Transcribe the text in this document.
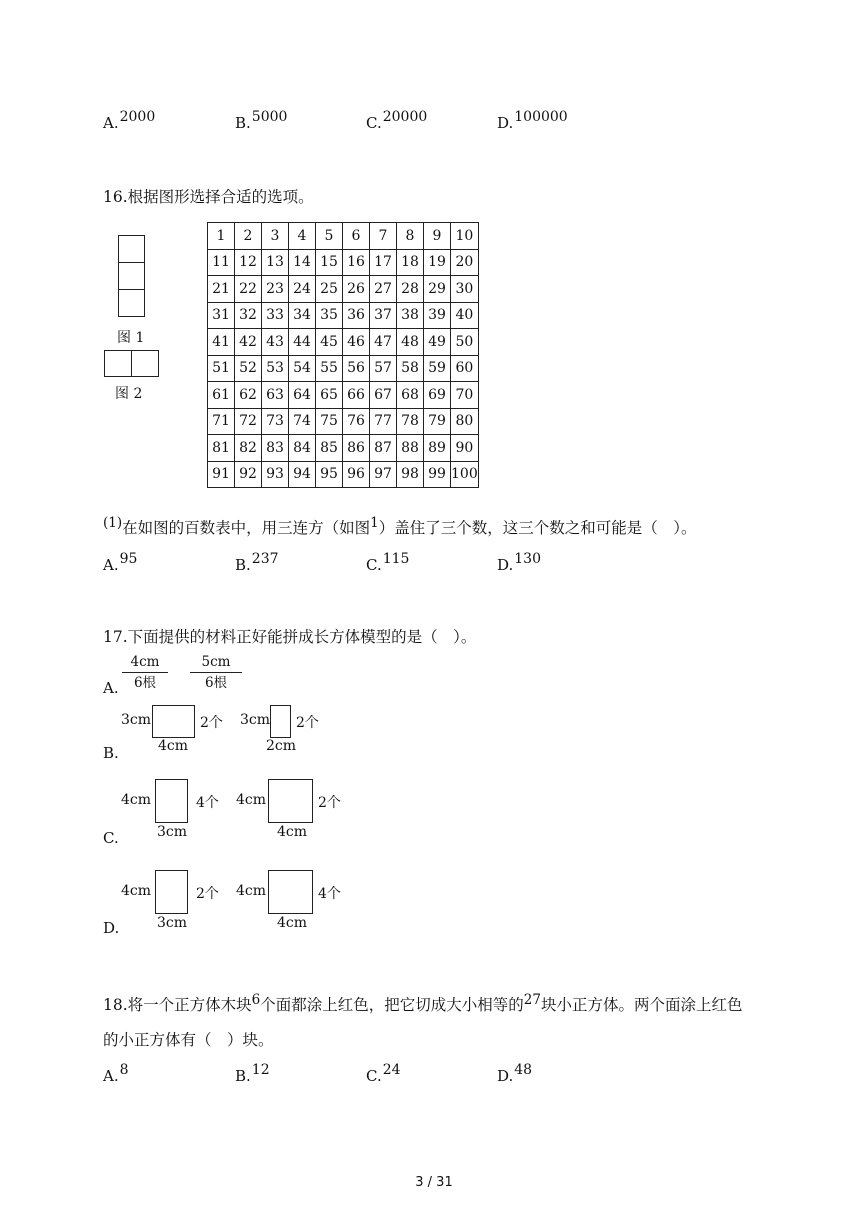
A.2000	B.5000	C.20000	D.100000
16.根据图形选择合适的选项。
图 1
图 2
1	2	3	4	5	6	7	8	9	10
11	12	13	14	15	16	17	18	19	20
21	22	23	24	25	26	27	28	29	30
31	32	33	34	35	36	37	38	39	40
41	42	43	44	45	46	47	48	49	50
51	52	53	54	55	56	57	58	59	60
61	62	63	64	65	66	67	68	69	70
71	72	73	74	75	76	77	78	79	80
81	82	83	84	85	86	87	88	89	90
91	92	93	94	95	96	97	98	99	100
(1)在如图的百数表中，用三连方（如图1）盖住了三个数，这三个数之和可能是（　）。
A.95	B.237	C.115	D.130
17.下面提供的材料正好能拼成长方体模型的是（　）。
A.
4cm
6根
5cm
6根
B.
3cm
4cm
2个 3cm
2cm
2个
C.
4cm
3cm
4个 4cm
4cm
2个
D.
4cm
3cm
2个 4cm
4cm
4个
18.将一个正方体木块6个面都涂上红色，把它切成大小相等的27块小正方体。两个面涂上红色
的小正方体有（　）块。
A.8	B.12	C.24	D.48
3 / 31
